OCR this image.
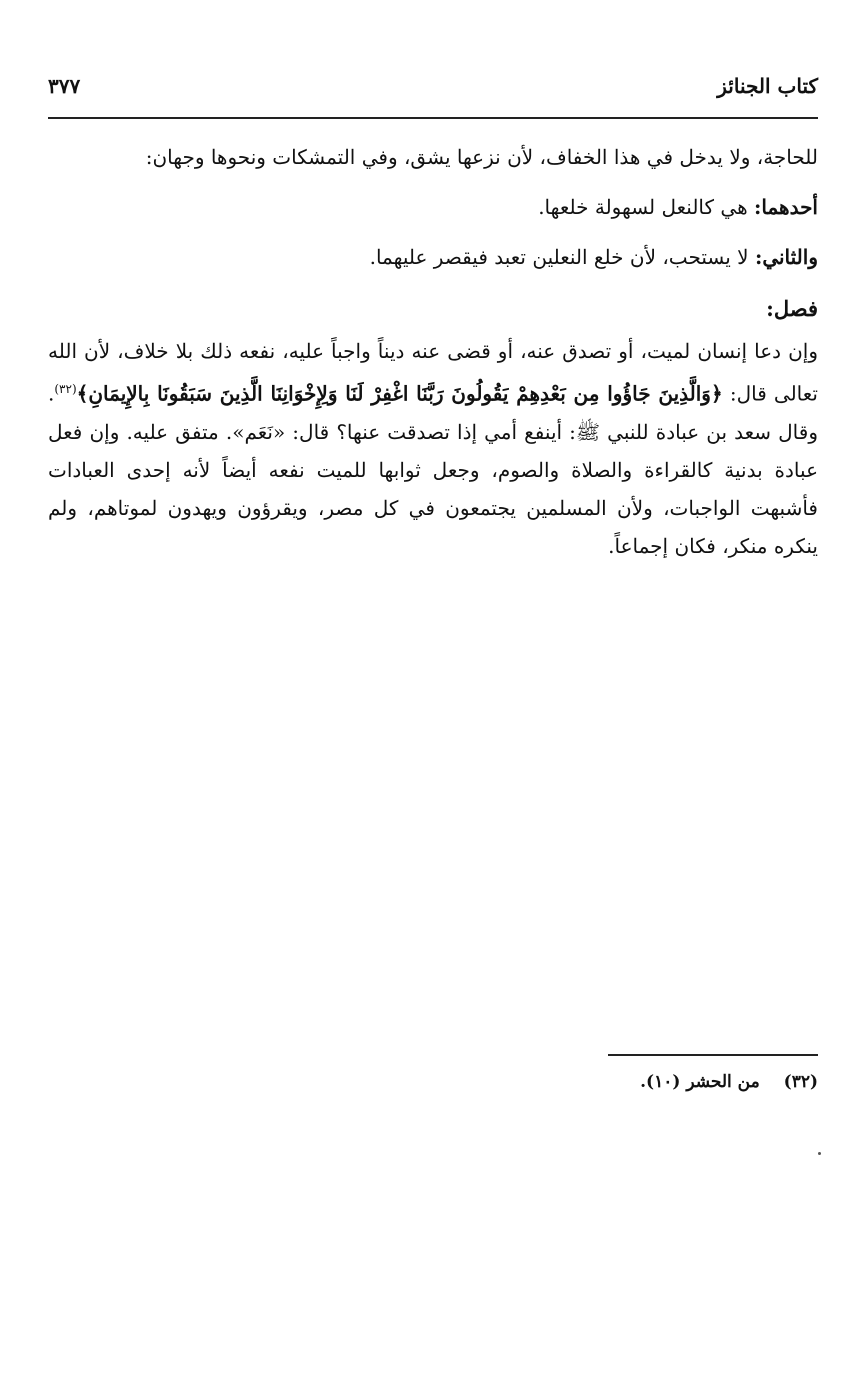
كتاب الجنائز
٣٧٧

للحاجة، ولا يدخل في هذا الخفاف، لأن نزعها يشق، وفي التمشكات ونحوها وجهان:

أحدهما: هي كالنعل لسهولة خلعها.
والثاني: لا يستحب، لأن خلع النعلين تعبد فيقصر عليهما.
فصل:

وإن دعا إنسان لميت، أو تصدق عنه، أو قضى عنه ديناً واجباً عليه، نفعه ذلك بلا خلاف، لأن الله تعالى قال: ﴿وَالَّذِينَ جَاؤُوا مِن بَعْدِهِمْ يَقُولُونَ رَبَّنَا اغْفِرْ لَنَا وَلِإِخْوَانِنَا الَّذِينَ سَبَقُونَا بِالإِيمَانِ﴾$^{(٣٢)}$. وقال سعد بن عبادة للنبي ﷺ: أينفع أمي إذا تصدقت عنها؟ قال: «نَعَم». متفق عليه. وإن فعل عبادة بدنية كالقراءة والصلاة والصوم، وجعل ثوابها للميت نفعه أيضاً لأنه إحدى العبادات فأشبهت الواجبات، ولأن المسلمين يجتمعون في كل مصر، ويقرؤون ويهدون لموتاهم، ولم ينكره منكر، فكان إجماعاً.

(٣٢) من الحشر (١٠).
